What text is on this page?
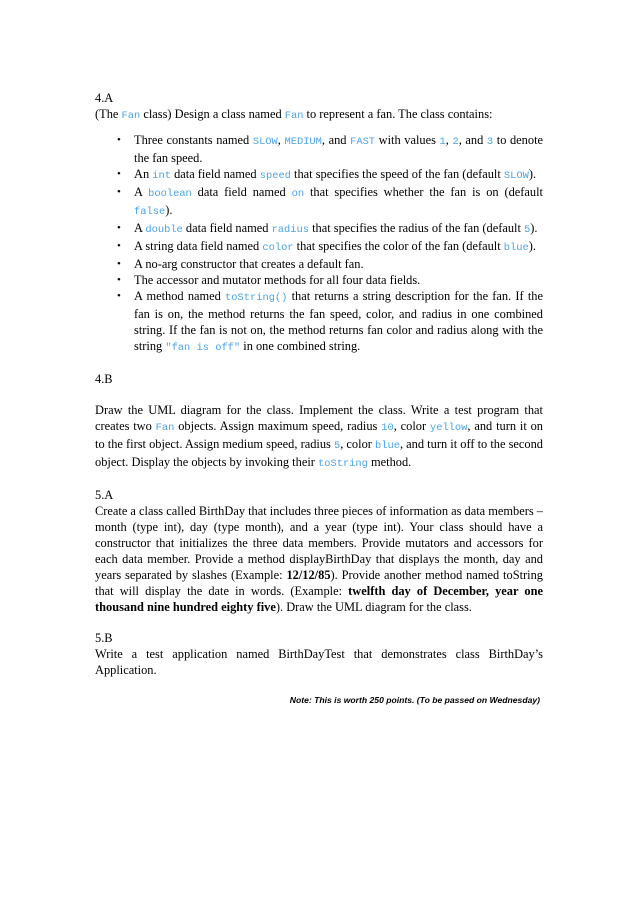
4.A
(The Fan class) Design a class named Fan to represent a fan. The class contains:
• Three constants named SLOW, MEDIUM, and FAST with values 1, 2, and 3 to denote the fan speed.
• An int data field named speed that specifies the speed of the fan (default SLOW).
• A boolean data field named on that specifies whether the fan is on (default false).
• A double data field named radius that specifies the radius of the fan (default 5).
• A string data field named color that specifies the color of the fan (default blue).
• A no-arg constructor that creates a default fan.
• The accessor and mutator methods for all four data fields.
• A method named toString() that returns a string description for the fan. If the fan is on, the method returns the fan speed, color, and radius in one combined string. If the fan is not on, the method returns fan color and radius along with the string "fan is off" in one combined string.
4.B
Draw the UML diagram for the class. Implement the class. Write a test program that creates two Fan objects. Assign maximum speed, radius 10, color yellow, and turn it on to the first object. Assign medium speed, radius 5, color blue, and turn it off to the second object. Display the objects by invoking their toString method.
5.A
Create a class called BirthDay that includes three pieces of information as data members – month (type int), day (type month), and a year (type int). Your class should have a constructor that initializes the three data members. Provide mutators and accessors for each data member. Provide a method displayBirthDay that displays the month, day and years separated by slashes (Example: 12/12/85). Provide another method named toString that will display the date in words. (Example: twelfth day of December, year one thousand nine hundred eighty five). Draw the UML diagram for the class.
5.B
Write a test application named BirthDayTest that demonstrates class BirthDay’s Application.
Note: This is worth 250 points. (To be passed on Wednesday)
